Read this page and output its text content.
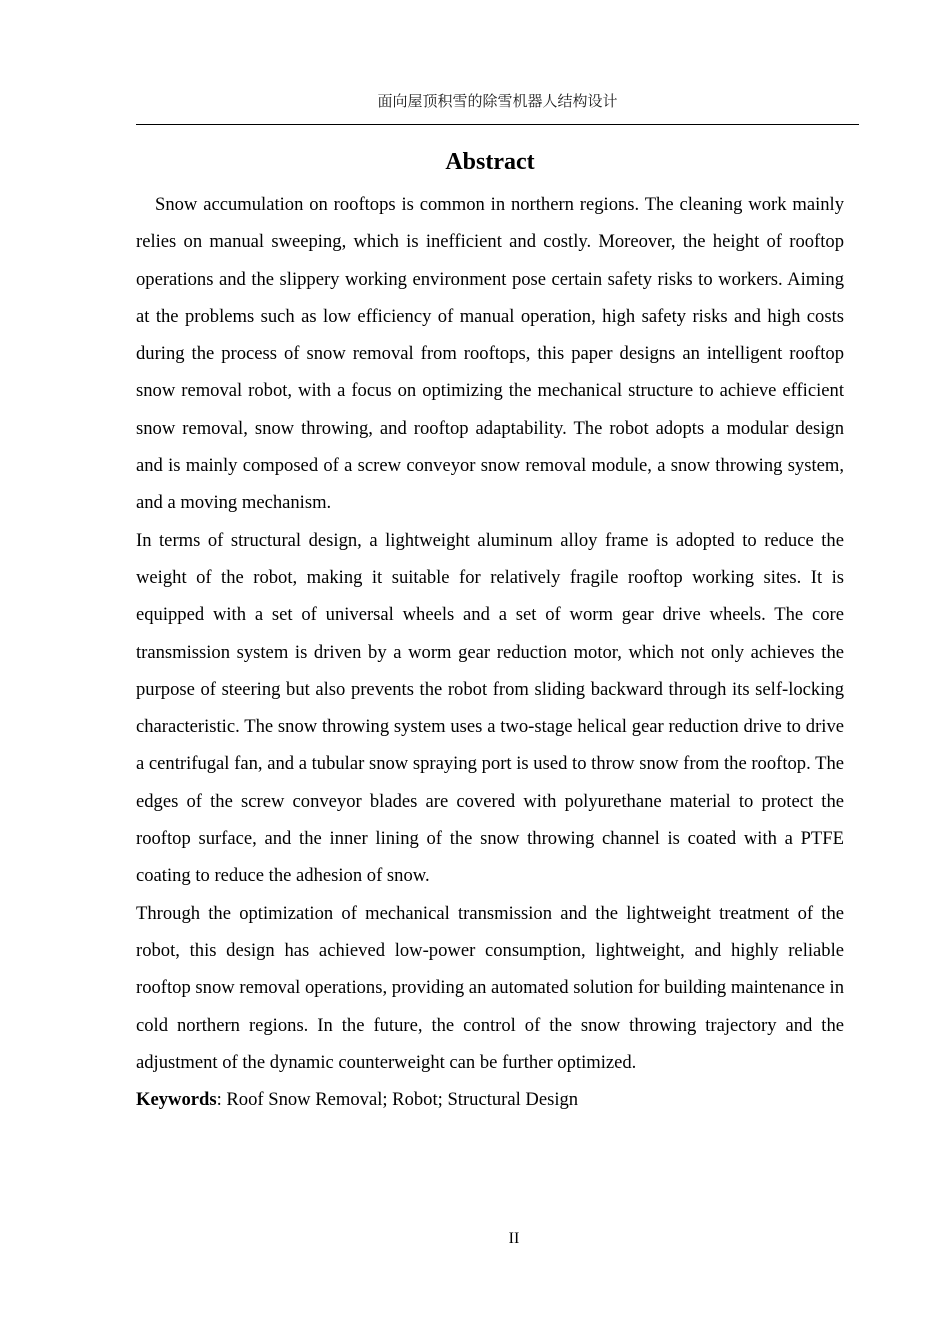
面向屋顶积雪的除雪机器人结构设计
Abstract

Snow accumulation on rooftops is common in northern regions. The cleaning work mainly relies on manual sweeping, which is inefficient and costly. Moreover, the height of rooftop operations and the slippery working environment pose certain safety risks to workers. Aiming at the problems such as low efficiency of manual operation, high safety risks and high costs during the process of snow removal from rooftops, this paper designs an intelligent rooftop snow removal robot, with a focus on optimizing the mechanical structure to achieve efficient snow removal, snow throwing, and rooftop adaptability. The robot adopts a modular design and is mainly composed of a screw conveyor snow removal module, a snow throwing system, and a moving mechanism.

In terms of structural design, a lightweight aluminum alloy frame is adopted to reduce the weight of the robot, making it suitable for relatively fragile rooftop working sites. It is equipped with a set of universal wheels and a set of worm gear drive wheels. The core transmission system is driven by a worm gear reduction motor, which not only achieves the purpose of steering but also prevents the robot from sliding backward through its self-locking characteristic. The snow throwing system uses a two-stage helical gear reduction drive to drive a centrifugal fan, and a tubular snow spraying port is used to throw snow from the rooftop. The edges of the screw conveyor blades are covered with polyurethane material to protect the rooftop surface, and the inner lining of the snow throwing channel is coated with a PTFE coating to reduce the adhesion of snow.

Through the optimization of mechanical transmission and the lightweight treatment of the robot, this design has achieved low-power consumption, lightweight, and highly reliable rooftop snow removal operations, providing an automated solution for building maintenance in cold northern regions. In the future, the control of the snow throwing trajectory and the adjustment of the dynamic counterweight can be further optimized.

Keywords: Roof Snow Removal; Robot; Structural Design

II
